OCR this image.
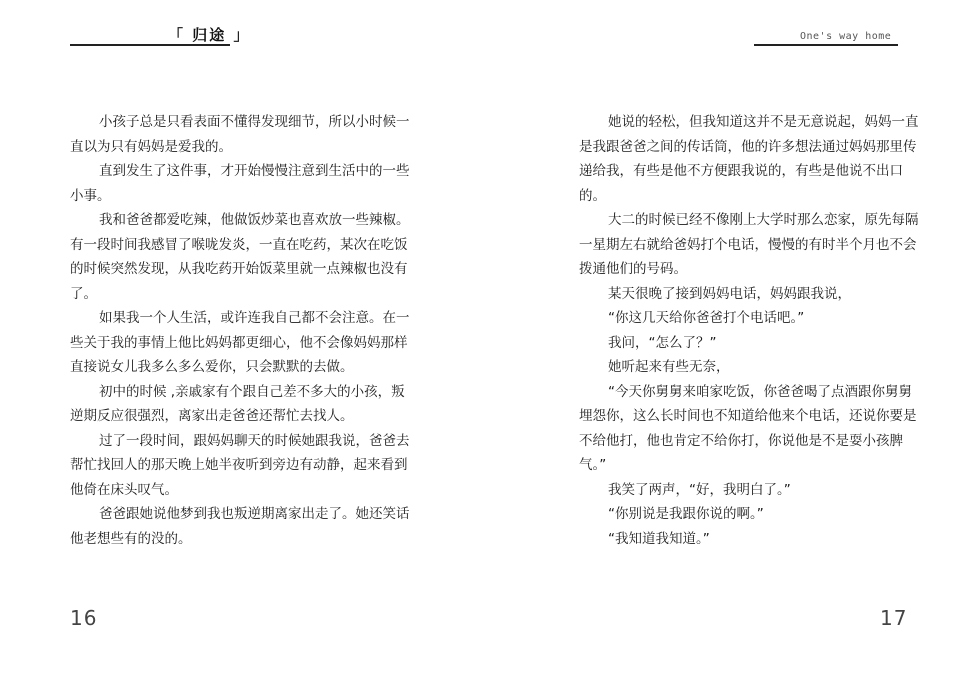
「 归途 」

小孩子总是只看表面不懂得发现细节，所以小时候一直以为只有妈妈是爱我的。

直到发生了这件事，才开始慢慢注意到生活中的一些小事。

我和爸爸都爱吃辣，他做饭炒菜也喜欢放一些辣椒。有一段时间我感冒了喉咙发炎，一直在吃药，某次在吃饭的时候突然发现，从我吃药开始饭菜里就一点辣椒也没有了。

如果我一个人生活，或许连我自己都不会注意。在一些关于我的事情上他比妈妈都更细心，他不会像妈妈那样直接说女儿我多么多么爱你，只会默默的去做。

初中的时候 ,亲戚家有个跟自己差不多大的小孩，叛逆期反应很强烈，离家出走爸爸还帮忙去找人。

过了一段时间，跟妈妈聊天的时候她跟我说，爸爸去帮忙找回人的那天晚上她半夜听到旁边有动静，起来看到他倚在床头叹气。

爸爸跟她说他梦到我也叛逆期离家出走了。她还笑话他老想些有的没的。

16
One's way home

她说的轻松，但我知道这并不是无意说起，妈妈一直是我跟爸爸之间的传话筒，他的许多想法通过妈妈那里传递给我，有些是他不方便跟我说的，有些是他说不出口的。

大二的时候已经不像刚上大学时那么恋家，原先每隔一星期左右就给爸妈打个电话，慢慢的有时半个月也不会拨通他们的号码。

某天很晚了接到妈妈电话，妈妈跟我说，

“你这几天给你爸爸打个电话吧。”

我问，“怎么了？”

她听起来有些无奈，

“今天你舅舅来咱家吃饭，你爸爸喝了点酒跟你舅舅埋怨你，这么长时间也不知道给他来个电话，还说你要是不给他打，他也肯定不给你打，你说他是不是耍小孩脾气。”

我笑了两声，“好，我明白了。”

“你别说是我跟你说的啊。”

“我知道我知道。”

17
